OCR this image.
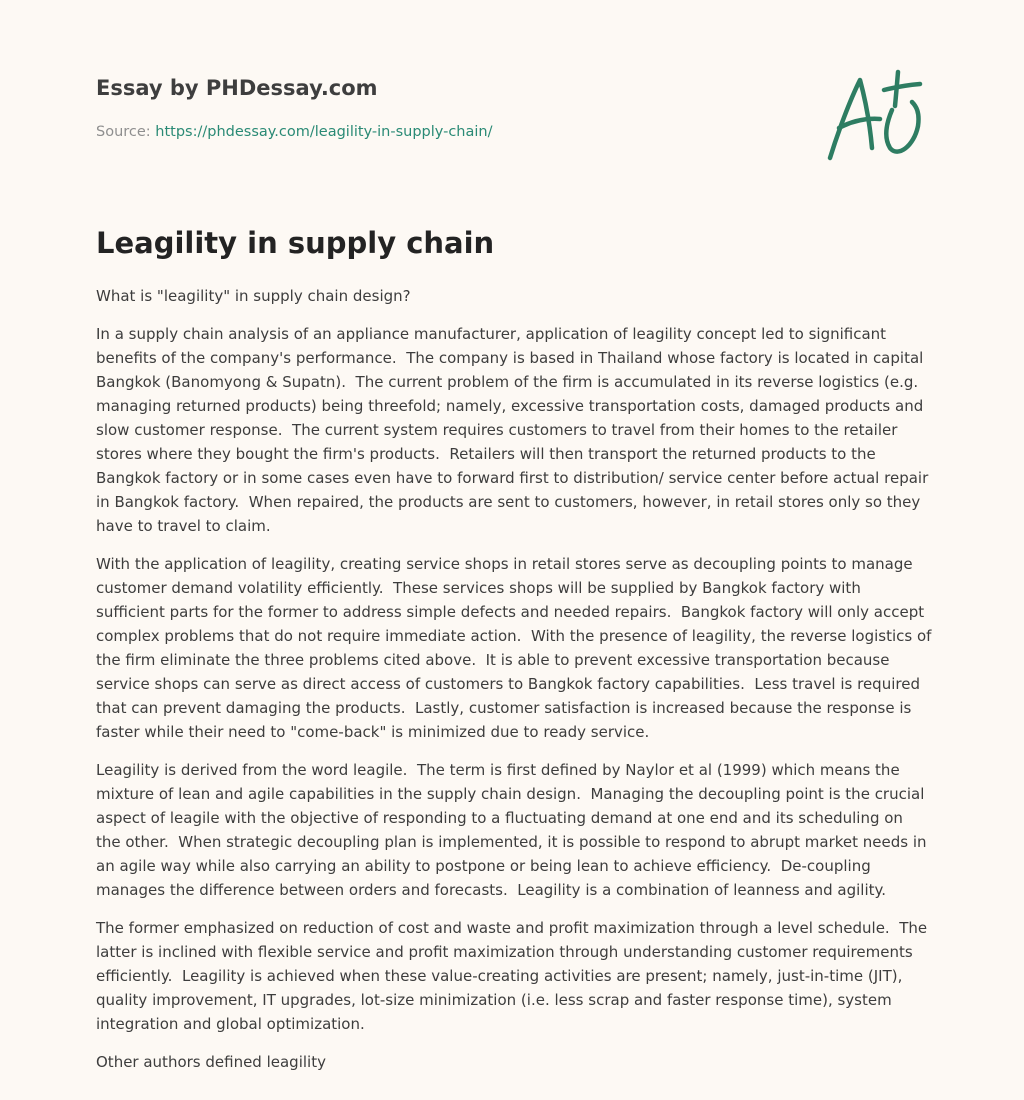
Essay by PHDessay.com
Source: https://phdessay.com/leagility-in-supply-chain/
Leagility in supply chain

What is "leagility" in supply chain design?

In a supply chain analysis of an appliance manufacturer, application of leagility concept led to significant benefits of the company's performance.  The company is based in Thailand whose factory is located in capital Bangkok (Banomyong & Supatn).  The current problem of the firm is accumulated in its reverse logistics (e.g. managing returned products) being threefold; namely, excessive transportation costs, damaged products and slow customer response.  The current system requires customers to travel from their homes to the retailer stores where they bought the firm's products.  Retailers will then transport the returned products to the Bangkok factory or in some cases even have to forward first to distribution/ service center before actual repair in Bangkok factory.  When repaired, the products are sent to customers, however, in retail stores only so they have to travel to claim.

With the application of leagility, creating service shops in retail stores serve as decoupling points to manage customer demand volatility efficiently.  These services shops will be supplied by Bangkok factory with sufficient parts for the former to address simple defects and needed repairs.  Bangkok factory will only accept complex problems that do not require immediate action.  With the presence of leagility, the reverse logistics of the firm eliminate the three problems cited above.  It is able to prevent excessive transportation because service shops can serve as direct access of customers to Bangkok factory capabilities.  Less travel is required that can prevent damaging the products.  Lastly, customer satisfaction is increased because the response is faster while their need to "come-back" is minimized due to ready service.

Leagility is derived from the word leagile.  The term is first defined by Naylor et al (1999) which means the mixture of lean and agile capabilities in the supply chain design.  Managing the decoupling point is the crucial aspect of leagile with the objective of responding to a fluctuating demand at one end and its scheduling on the other.  When strategic decoupling plan is implemented, it is possible to respond to abrupt market needs in an agile way while also carrying an ability to postpone or being lean to achieve efficiency.  De-coupling manages the difference between orders and forecasts.  Leagility is a combination of leanness and agility.

The former emphasized on reduction of cost and waste and profit maximization through a level schedule.  The latter is inclined with flexible service and profit maximization through understanding customer requirements efficiently.  Leagility is achieved when these value-creating activities are present; namely, just-in-time (JIT), quality improvement, IT upgrades, lot-size minimization (i.e. less scrap and faster response time), system integration and global optimization.

Other authors defined leagility
